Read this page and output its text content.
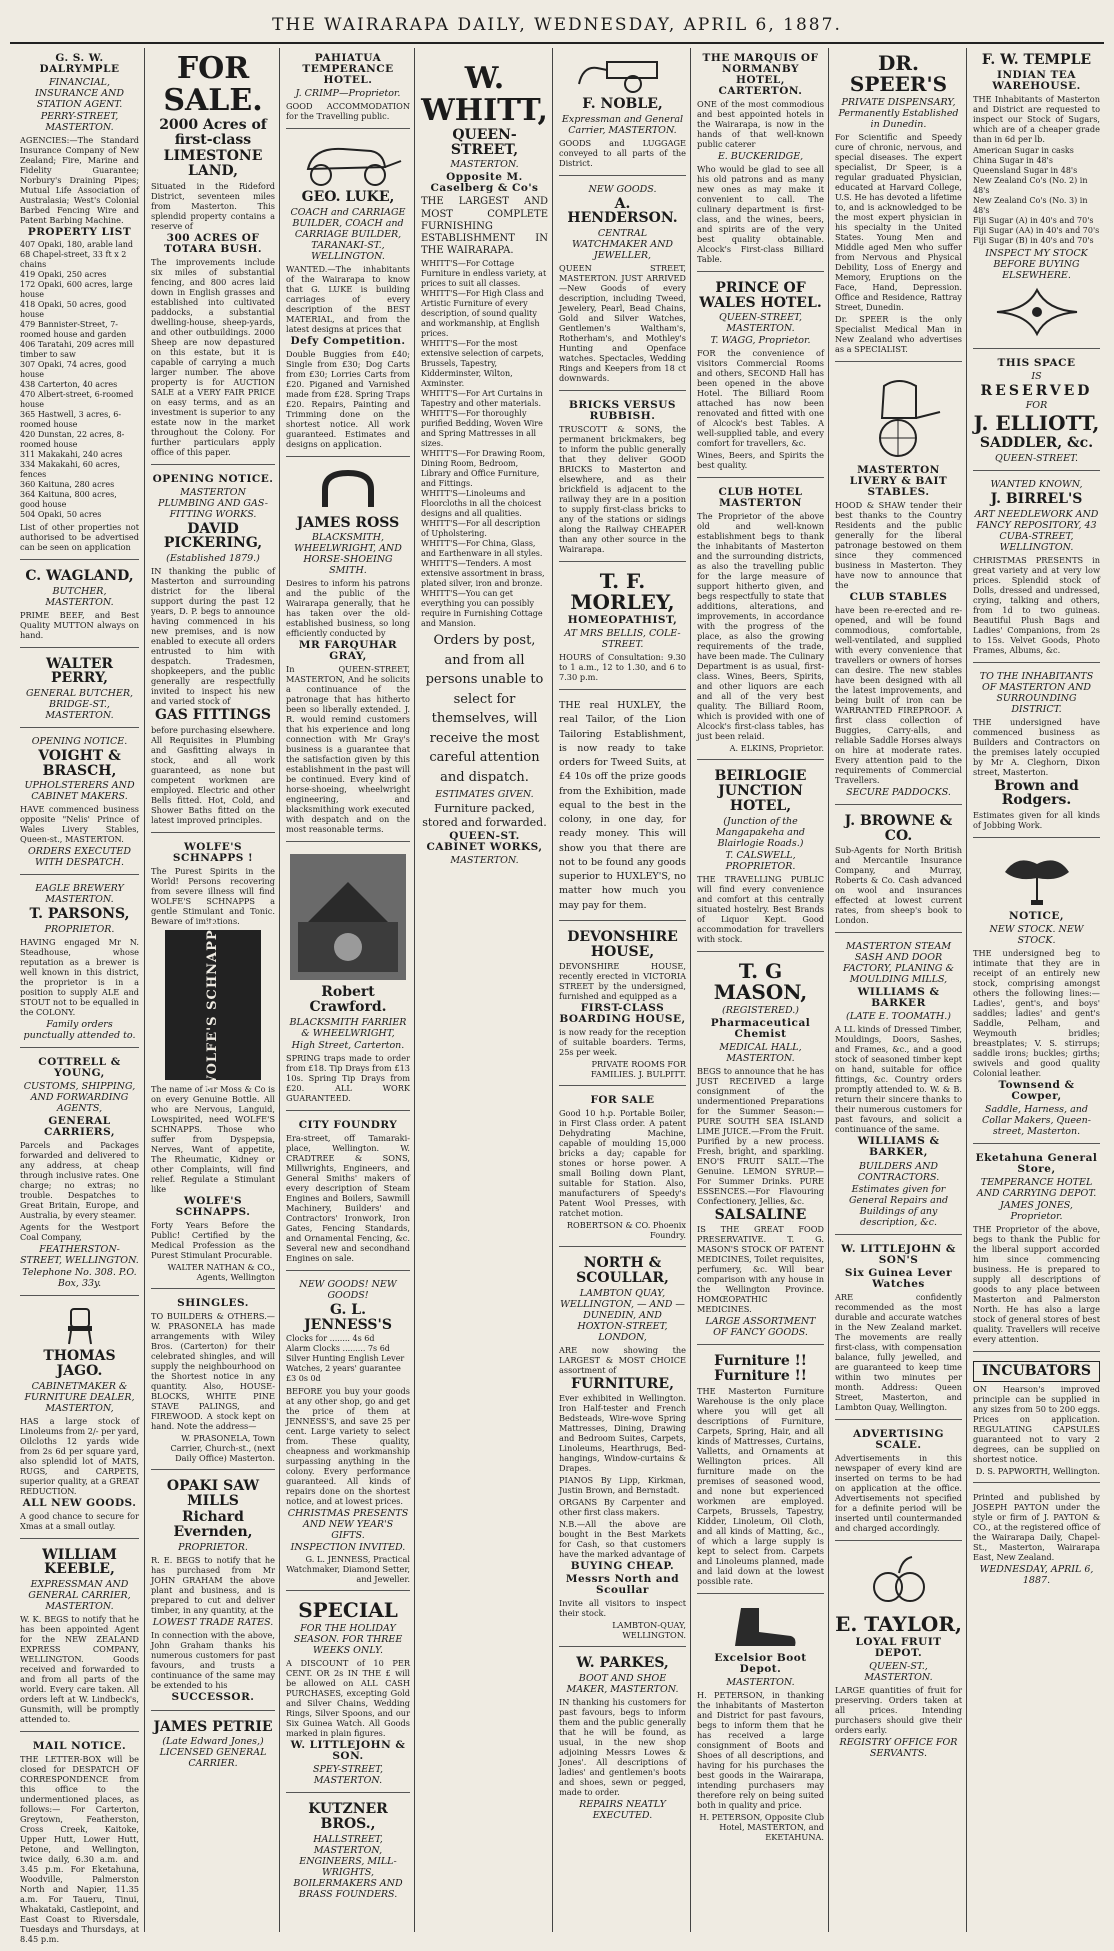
THE WAIRARAPA DAILY, WEDNESDAY, APRIL 6, 1887.
G. S. W. DALRYMPLE
FINANCIAL, INSURANCE AND STATION AGENT.
PERRY-STREET, MASTERTON.
AGENCIES:—The Standard Insurance Company of New Zealand; Fire, Marine and Fidelity Guarantee; Norbury's Draining Pipes; Mutual Life Association of Australasia; West's Colonial Barbed Fencing Wire and Patent Barbing Machine.
PROPERTY LIST
407 Opaki, 180, arable land
68 Chapel-street, 33 ft x 2 chains
419 Opaki, 250 acres
172 Opaki, 600 acres, large house
418 Opaki, 50 acres, good house
479 Bannister-Street, 7-roomed house and garden
406 Taratahi, 209 acres mill timber to saw
307 Opaki, 74 acres, good house
438 Carterton, 40 acres
470 Albert-street, 6-roomed house
365 Hastwell, 3 acres, 6-roomed house
420 Dunstan, 22 acres, 8-roomed house
311 Makakahi, 240 acres
334 Makakahi, 60 acres, fences
360 Kaituna, 280 acres
364 Kaituna, 800 acres, good house
504 Opaki, 50 acres
List of other properties not authorised to be advertised can be seen on application
C. WAGLAND,
BUTCHER, MASTERTON.
PRIME BEEF, and Best Quality MUTTON always on hand.
WALTER PERRY,
GENERAL BUTCHER, BRIDGE-ST., MASTERTON.
OPENING NOTICE.
VOIGHT & BRASCH,
UPHOLSTERERS AND CABINET MAKERS.
HAVE commenced business opposite "Nelis' Prince of Wales Livery Stables, Queen-st., MASTERTON.
ORDERS EXECUTED WITH DESPATCH.
EAGLE BREWERY MASTERTON.
T. PARSONS,
PROPRIETOR.
HAVING engaged Mr N. Steadhouse, whose reputation as a brewer is well known in this district, the proprietor is in a position to supply ALE and STOUT not to be equalled in the COLONY.
Family orders punctually attended to.
COTTRELL & YOUNG,
CUSTOMS, SHIPPING, AND FORWARDING AGENTS,
GENERAL CARRIERS,
Parcels and Packages forwarded and delivered to any address, at cheap through inclusive rates. One charge; no extras; no trouble. Despatches to Great Britain, Europe, and Australia, by every steamer.
Agents for the Westport Coal Company,
FEATHERSTON-STREET, WELLINGTON.
Telephone No. 308. P.O. Box, 33y.
THOMAS JAGO.
CABINETMAKER & FURNITURE DEALER, MASTERTON,
HAS a large stock of Linoleums from 2/- per yard, Oilcloths 12 yards wide from 2s 6d per square yard, also splendid lot of MATS, RUGS, and CARPETS, superior quality, at a GREAT REDUCTION.
ALL NEW GOODS.
A good chance to secure for Xmas at a small outlay.
WILLIAM KEEBLE,
EXPRESSMAN AND GENERAL CARRIER, MASTERTON.
W. K. BEGS to notify that he has been appointed Agent for the NEW ZEALAND EXPRESS COMPANY, WELLINGTON. Goods received and forwarded to and from all parts of the world. Every care taken. All orders left at W. Lindbeck's, Gunsmith, will be promptly attended to.
MAIL NOTICE.
THE LETTER-BOX will be closed for DESPATCH OF CORRESPONDENCE from this office to the undermentioned places, as follows:— For Carterton, Greytown, Featherston, Cross Creek, Kaitoke, Upper Hutt, Lower Hutt, Petone, and Wellington, twice daily, 6.30 a.m. and 3.45 p.m. For Eketahuna, Woodville, Palmerston North and Napier, 11.35 a.m. For Taueru, Tinui, Whakataki, Castlepoint, and East Coast to Riversdale, Tuesdays and Thursdays, at 8.45 p.m.
FOR SALE.
2000 Acres of first-class
LIMESTONE LAND,
Situated in the Rideford District, seventeen miles from Masterton. This splendid property contains a reserve of
300 ACRES OF TOTARA BUSH.
The improvements include six miles of substantial fencing, and 800 acres laid down in English grasses and established into cultivated paddocks, a substantial dwelling-house, sheep-yards, and other outbuildings. 2000 Sheep are now depastured on this estate, but it is capable of carrying a much larger number. The above property is for AUCTION SALE at a VERY FAIR PRICE on easy terms, and as an investment is superior to any estate now in the market throughout the Colony. For further particulars apply office of this paper.
OPENING NOTICE.
MASTERTON PLUMBING AND GAS-FITTING WORKS.
DAVID PICKERING,
(Established 1879.)
IN thanking the public of Masterton and surrounding district for the liberal support during the past 12 years, D. P. begs to announce having commenced in his new premises, and is now enabled to execute all orders entrusted to him with despatch. Tradesmen, shopkeepers, and the public generally are respectfully invited to inspect his new and varied stock of
GAS FITTINGS
before purchasing elsewhere. All Requisites in Plumbing and Gasfitting always in stock, and all work guaranteed, as none but competent workmen are employed. Electric and other Bells fitted. Hot, Cold, and Shower Baths fitted on the latest improved principles.
WOLFE'S SCHNAPPS !
The Purest Spirits in the World! Persons recovering from severe illness will find WOLFE'S SCHNAPPS a gentle Stimulant and Tonic. Beware of imitations.
WOLFE'S SCHNAPPS
The name of Mr Moss & Co is on every Genuine Bottle. All who are Nervous, Languid, Lowspirited, need WOLFE'S SCHNAPPS. Those who suffer from Dyspepsia, Nerves, Want of appetite, The Rheumatic, Kidney or other Complaints, will find relief. Regulate a Stimulant like
WOLFE'S SCHNAPPS.
Forty Years Before the Public! Certified by the Medical Profession as the Purest Stimulant Procurable.
WALTER NATHAN & CO., Agents, Wellington
SHINGLES.
TO BUILDERS & OTHERS.—W. PRASONELA has made arrangements with Wiley Bros. (Carterton) for their celebrated shingles, and will supply the neighbourhood on the Shortest notice in any quantity. Also, HOUSE-BLOCKS, WHITE PINE STAVE PALINGS, and FIREWOOD. A stock kept on hand. Note the address—
W. PRASONELA, Town Carrier, Church-st., (next Daily Office) Masterton.
OPAKI SAW MILLS
Richard Evernden,
PROPRIETOR.
R. E. BEGS to notify that he has purchased from Mr JOHN GRAHAM the above plant and business, and is prepared to cut and deliver timber, in any quantity, at the
LOWEST TRADE RATES.
In connection with the above, John Graham thanks his numerous customers for past favours, and trusts a continuance of the same may be extended to his
SUCCESSOR.
JAMES PETRIE
(Late Edward Jones,) LICENSED GENERAL CARRIER.
PAHIATUA TEMPERANCE HOTEL.
J. CRIMP—Proprietor.
GOOD ACCOMMODATION for the Travelling public.
GEO. LUKE,
COACH and CARRIAGE BUILDER, COACH and CARRIAGE BUILDER, TARANAKI-ST., WELLINGTON.
WANTED.—The inhabitants of the Wairarapa to know that G. LUKE is building carriages of every description of the BEST MATERIAL, and from the latest designs at prices that
Defy Competition.
Double Buggies from £40; Single from £30; Dog Carts from £30; Lorries Carts from £20. Piganed and Varnished made from £28. Spring Traps £20. Repairs, Painting and Trimming done on the shortest notice. All work guaranteed. Estimates and designs on application.
JAMES ROSS
BLACKSMITH, WHEELWRIGHT, AND HORSE-SHOEING SMITH.
Desires to inform his patrons and the public of the Wairarapa generally, that he has taken over the old-established business, so long efficiently conducted by
MR FARQUHAR GRAY,
In QUEEN-STREET, MASTERTON, And he solicits a continuance of the patronage that has hitherto been so liberally extended. J. R. would remind customers that his experience and long connection with Mr Gray's business is a guarantee that the satisfaction given by this establishment in the past will be continued. Every kind of horse-shoeing, wheelwright engineering, and blacksmithing work executed with despatch and on the most reasonable terms.
Robert Crawford.
BLACKSMITH FARRIER & WHEELWRIGHT,
High Street, Carterton.
SPRING traps made to order from £18. Tip Drays from £13 10s. Spring Tip Drays from £20. ALL WORK GUARANTEED.
CITY FOUNDRY
Era-street, off Tamaraki-place, Wellington. W. CRADTREE & SONS, Millwrights, Engineers, and General Smiths' makers of every description of Steam Engines and Boilers, Sawmill Machinery, Builders' and Contractors' Ironwork, Iron Gates, Fencing Standards, and Ornamental Fencing, &c. Several new and secondhand Engines on sale.
NEW GOODS! NEW GOODS!
G. L. JENNESS'S
Clocks for ........ 4s 6d
Alarm Clocks ......... 7s 6d
Silver Hunting English Lever Watches, 2 years' guarantee £3 0s 0d
BEFORE you buy your goods at any other shop, go and get the price of them at JENNESS'S, and save 25 per cent. Large variety to select from. These quality, cheapness and workmanship surpassing anything in the colony. Every performance guaranteed. All kinds of repairs done on the shortest notice, and at lowest prices.
CHRISTMAS PRESENTS AND NEW YEAR'S GIFTS.
INSPECTION INVITED.
G. L. JENNESS, Practical Watchmaker, Diamond Setter, and Jeweller.
SPECIAL
FOR THE HOLIDAY SEASON. FOR THREE WEEKS ONLY.
A DISCOUNT of 10 PER CENT. OR 2s IN THE £ will be allowed on ALL CASH PURCHASES, excepting Gold and Silver Chains, Wedding Rings, Silver Spoons, and our Six Guinea Watch. All Goods marked in plain figures.
W. LITTLEJOHN & SON.
SPEY-STREET, MASTERTON.
KUTZNER BROS.,
HALLSTREET, MASTERTON, ENGINEERS, MILL-WRIGHTS, BOILERMAKERS AND BRASS FOUNDERS.
W. WHITT,
QUEEN-STREET,
MASTERTON.
Opposite M. Caselberg & Co's
THE LARGEST AND MOST COMPLETE FURNISHING ESTABLISHMENT IN THE WAIRARAPA.
WHITT'S—For Cottage Furniture in endless variety, at prices to suit all classes.
WHITT'S—For High Class and Artistic Furniture of every description, of sound quality and workmanship, at English prices.
WHITT'S—For the most extensive selection of carpets, Brussels, Tapestry, Kidderminster, Wilton, Axminster.
WHITT'S—For Art Curtains in Tapestry and other materials.
WHITT'S—For thoroughly purified Bedding, Woven Wire and Spring Mattresses in all sizes.
WHITT'S—For Drawing Room, Dining Room, Bedroom, Library and Office Furniture, and Fittings.
WHITT'S—Linoleums and Floorcloths in all the choicest designs and all qualities.
WHITT'S—For all description of Upholstering.
WHITT'S—For China, Glass, and Earthenware in all styles.
WHITT'S—Tenders. A most extensive assortment in brass, plated silver, iron and bronze.
WHITT'S—You can get everything you can possibly require in Furnishing Cottage and Mansion.
Orders by post, and from all persons unable to select for themselves, will receive the most careful attention and dispatch.
ESTIMATES GIVEN.
Furniture packed, stored and forwarded.
QUEEN-ST. CABINET WORKS,
MASTERTON.
F. NOBLE,
Expressman and General Carrier, MASTERTON.
GOODS and LUGGAGE conveyed to all parts of the District.
NEW GOODS.
A. HENDERSON.
CENTRAL WATCHMAKER AND JEWELLER,
QUEEN STREET, MASTERTON. JUST ARRIVED—New Goods of every description, including Tweed, Jewelery, Pearl, Bead Chains, Gold and Silver Watches, Gentlemen's Waltham's, Rotherham's, and Mothley's Hunting and Openface watches. Spectacles, Wedding Rings and Keepers from 18 ct downwards.
BRICKS VERSUS RUBBISH.
TRUSCOTT & SONS, the permanent brickmakers, beg to inform the public generally that they deliver GOOD BRICKS to Masterton and elsewhere, and as their brickfield is adjacent to the railway they are in a position to supply first-class bricks to any of the stations or sidings along the Railway CHEAPER than any other source in the Wairarapa.
T. F. MORLEY,
HOMEOPATHIST,
AT MRS BELLIS, COLE-STREET.
HOURS of Consultation: 9.30 to 1 a.m., 12 to 1.30, and 6 to 7.30 p.m.
THE real HUXLEY, the real Tailor, of the Lion Tailoring Establishment, is now ready to take orders for Tweed Suits, at £4 10s off the prize goods from the Exhibition, made equal to the best in the colony, in one day, for ready money. This will show you that there are not to be found any goods superior to HUXLEY'S, no matter how much you may pay for them.
DEVONSHIRE HOUSE,
DEVONSHIRE HOUSE, recently erected in VICTORIA STREET by the undersigned, furnished and equipped as a
FIRST-CLASS BOARDING HOUSE,
is now ready for the reception of suitable boarders. Terms, 25s per week.
PRIVATE ROOMS FOR FAMILIES. J. BULPITT.
FOR SALE
Good 10 h.p. Portable Boiler, in First Class order. A patent Dehydrating Machine, capable of moulding 15,000 bricks a day; capable for stones or horse power. A small Boiling down Plant, suitable for Station. Also, manufacturers of Speedy's Patent Wool Presses, with ratchet motion.
ROBERTSON & CO. Phoenix Foundry.
NORTH & SCOULLAR,
LAMBTON QUAY, WELLINGTON, — AND — DUNEDIN, AND HOXTON-STREET, LONDON,
ARE now showing the LARGEST & MOST CHOICE assortment of
FURNITURE,
Ever exhibited in Wellington. Iron Half-tester and French Bedsteads, Wire-wove Spring Mattresses, Dining, Drawing and Bedroom Suites, Carpets, Linoleums, Hearthrugs, Bed-hangings, Window-curtains & Drapes.
PIANOS By Lipp, Kirkman, Justin Brown, and Bernstadt.
ORGANS By Carpenter and other first class makers.
N.B.—All the above are bought in the Best Markets for Cash, so that customers have the marked advantage of
BUYING CHEAP.
Messrs North and Scoullar
Invite all visitors to inspect their stock.
LAMBTON-QUAY, WELLINGTON.
W. PARKES,
BOOT AND SHOE MAKER, MASTERTON.
IN thanking his customers for past favours, begs to inform them and the public generally that he will be found, as usual, in the new shop adjoining Messrs Lowes & Jones'. All descriptions of ladies' and gentlemen's boots and shoes, sewn or pegged, made to order.
REPAIRS NEATLY EXECUTED.
THE MARQUIS OF NORMANBY HOTEL, CARTERTON.
ONE of the most commodious and best appointed hotels in the Wairarapa, is now in the hands of that well-known public caterer
E. BUCKERIDGE,
Who would be glad to see all his old patrons and as many new ones as may make it convenient to call. The culinary department is first-class, and the wines, beers, and spirits are of the very best quality obtainable. Alcock's First-class Billiard Table.
PRINCE OF WALES HOTEL.
QUEEN-STREET, MASTERTON.
T. WAGG, Proprietor.
FOR the convenience of visitors Commercial Rooms and others, SECOND Hall has been opened in the above Hotel. The Billiard Room attached has now been renovated and fitted with one of Alcock's best Tables. A well-supplied table, and every comfort for travellers, &c.
Wines, Beers, and Spirits the best quality.
CLUB HOTEL MASTERTON
The Proprietor of the above old and well-known establishment begs to thank the inhabitants of Masterton and the surrounding districts, as also the travelling public for the large measure of support hitherto given, and begs respectfully to state that additions, alterations, and improvements, in accordance with the progress of the place, as also the growing requirements of the trade, have been made. The Culinary Department is as usual, first-class. Wines, Beers, Spirits, and other liquors are each and all of the very best quality. The Billiard Room, which is provided with one of Alcock's first-class tables, has just been relaid.
A. ELKINS, Proprietor.
BEIRLOGIE JUNCTION HOTEL,
(Junction of the Mangapakeha and Blairlogie Roads.)
T. CALSWELL, PROPRIETOR.
THE TRAVELLING PUBLIC will find every convenience and comfort at this centrally situated hostelry. Best Brands of Liquor Kept. Good accommodation for travellers with stock.
T. G MASON,
(REGISTERED.)
Pharmaceutical Chemist
MEDICAL HALL, MASTERTON.
BEGS to announce that he has JUST RECEIVED a large consignment of the undermentioned Preparations for the Summer Season:— PURE SOUTH SEA ISLAND LIME JUICE.—From the Fruit. Purified by a new process. Fresh, bright, and sparkling. ENO'S FRUIT SALT.—The Genuine. LEMON SYRUP.—For Summer Drinks. PURE ESSENCES.—For Flavouring Confectionery, Jellies, &c.
SALSALINE
IS THE GREAT FOOD PRESERVATIVE. T. G. MASON'S STOCK OF PATENT MEDICINES, Toilet requisites, perfumery, &c. Will bear comparison with any house in the Wellington Province. HOMŒOPATHIC MEDICINES.
LARGE ASSORTMENT OF FANCY GOODS.
Furniture !! Furniture !!
THE Masterton Furniture Warehouse is the only place where you will get all descriptions of Furniture, Carpets, Spring, Hair, and all kinds of Mattresses, Curtains, Valletts, and Ornaments at Wellington prices. All furniture made on the premises of seasoned wood, and none but experienced workmen are employed. Carpets, Brussels, Tapestry, Kidder, Linoleum, Oil Cloth, and all kinds of Matting, &c., of which a large supply is kept to select from. Carpets and Linoleums planned, made and laid down at the lowest possible rate.
Excelsior Boot Depot.
MASTERTON.
H. PETERSON, in thanking the inhabitants of Masterton and District for past favours, begs to inform them that he has received a large consignment of Boots and Shoes of all descriptions, and having for his purchases the best goods in the Wairarapa, intending purchasers may therefore rely on being suited both in quality and price.
H. PETERSON, Opposite Club Hotel, MASTERTON, and EKETAHUNA.
DR. SPEER'S
PRIVATE DISPENSARY, Permanently Established in Dunedin.
For Scientific and Speedy cure of chronic, nervous, and special diseases. The expert specialist, Dr Speer, is a regular graduated Physician, educated at Harvard College, U.S. He has devoted a lifetime to, and is acknowledged to be the most expert physician in his specialty in the United States. Young Men and Middle aged Men who suffer from Nervous and Physical Debility, Loss of Energy and Memory, Eruptions on the Face, Hand, Depression. Office and Residence, Rattray Street, Dunedin.
Dr. SPEER is the only Specialist Medical Man in New Zealand who advertises as a SPECIALIST.
MASTERTON LIVERY & BAIT STABLES.
HOOD & SHAW tender their best thanks to the Country Residents and the public generally for the liberal patronage bestowed on them since they commenced business in Masterton. They have now to announce that the
CLUB STABLES
have been re-erected and re-opened, and will be found commodious, comfortable, well-ventilated, and supplied with every convenience that travellers or owners of horses can desire. The new stables have been designed with all the latest improvements, and being built of iron can be WARRANTED FIREPROOF. A first class collection of Buggies, Carry-alls, and reliable Saddle Horses always on hire at moderate rates. Every attention paid to the requirements of Commercial Travellers.
SECURE PADDOCKS.
J. BROWNE & CO.
Sub-Agents for North British and Mercantile Insurance Company, and Murray, Roberts & Co. Cash advanced on wool and insurances effected at lowest current rates, from sheep's book to London.
MASTERTON STEAM SASH AND DOOR FACTORY, PLANING & MOULDING MILLS,
WILLIAMS & BARKER
(LATE E. TOOMATH.)
A LL kinds of Dressed Timber, Mouldings, Doors, Sashes, and Frames, &c., and a good stock of seasoned timber kept on hand, suitable for office fittings, &c. Country orders promptly attended to. W. & B. return their sincere thanks to their numerous customers for past favours, and solicit a continuance of the same.
WILLIAMS & BARKER,
BUILDERS AND CONTRACTORS.
Estimates given for General Repairs and Buildings of any description, &c.
W. LITTLEJOHN & SON'S
Six Guinea Lever Watches
ARE confidently recommended as the most durable and accurate watches in the New Zealand market. The movements are really first-class, with compensation balance, fully jewelled, and are guaranteed to keep time within two minutes per month. Address: Queen Street, Masterton, and Lambton Quay, Wellington.
ADVERTISING SCALE.
Advertisements in this newspaper of every kind are inserted on terms to be had on application at the office. Advertisements not specified for a definite period will be inserted until countermanded and charged accordingly.
E. TAYLOR,
LOYAL FRUIT DEPOT.
QUEEN-ST., MASTERTON.
LARGE quantities of fruit for preserving. Orders taken at all prices. Intending purchasers should give their orders early.
REGISTRY OFFICE FOR SERVANTS.
F. W. TEMPLE
INDIAN TEA WAREHOUSE.
THE Inhabitants of Masterton and District are requested to inspect our Stock of Sugars, which are of a cheaper grade than in 6d per lb.
American Sugar in casks
China Sugar in 48's
Queensland Sugar in 48's
New Zealand Co's (No. 2) in 48's
New Zealand Co's (No. 3) in 48's
Fiji Sugar (A) in 40's and 70's
Fiji Sugar (AA) in 40's and 70's
Fiji Sugar (B) in 40's and 70's
INSPECT MY STOCK BEFORE BUYING ELSEWHERE.
THIS SPACE
IS
RESERVED
FOR
J. ELLIOTT,
SADDLER, &c.
QUEEN-STREET.
WANTED KNOWN,
J. BIRREL'S
ART NEEDLEWORK AND FANCY REPOSITORY, 43 CUBA-STREET, WELLINGTON.
CHRISTMAS PRESENTS in great variety and at very low prices. Splendid stock of Dolls, dressed and undressed, crying, talking and others, from 1d to two guineas. Beautiful Plush Bags and Ladies' Companions, from 2s to 15s. Velvet Goods, Photo Frames, Albums, &c.
TO THE INHABITANTS OF MASTERTON AND SURROUNDING DISTRICT.
THE undersigned have commenced business as Builders and Contractors on the premises lately occupied by Mr A. Cleghorn, Dixon street, Masterton.
Brown and Rodgers.
Estimates given for all kinds of Jobbing Work.
NOTICE,
NEW STOCK. NEW STOCK.
THE undersigned beg to intimate that they are in receipt of an entirely new stock, comprising amongst others the following lines:— Ladies', gent's, and boys' saddles; ladies' and gent's Saddle, Pelham, and Weymouth bridles; breastplates; V. S. stirrups; saddle irons; buckles; girths; swivels and good quality Colonial leather.
Townsend & Cowper,
Saddle, Harness, and Collar Makers, Queen-street, Masterton.
Eketahuna General Store,
TEMPERANCE HOTEL AND CARRYING DEPOT.
JAMES JONES, Proprietor.
THE Proprietor of the above, begs to thank the Public for the liberal support accorded him since commencing business. He is prepared to supply all descriptions of goods to any place between Masterton and Palmerston North. He has also a large stock of general stores of best quality. Travellers will receive every attention.
INCUBATORS
ON Hearson's improved principle can be supplied in any sizes from 50 to 200 eggs. Prices on application. REGULATING CAPSULES guaranteed not to vary 2 degrees, can be supplied on shortest notice.
D. S. PAPWORTH, Wellington.
Printed and published by JOSEPH PAYTON under the style or firm of J. PAYTON & CO., at the registered office of the Wairarapa Daily, Chapel-St., Masterton, Wairarapa East, New Zealand.
WEDNESDAY, APRIL 6, 1887.
